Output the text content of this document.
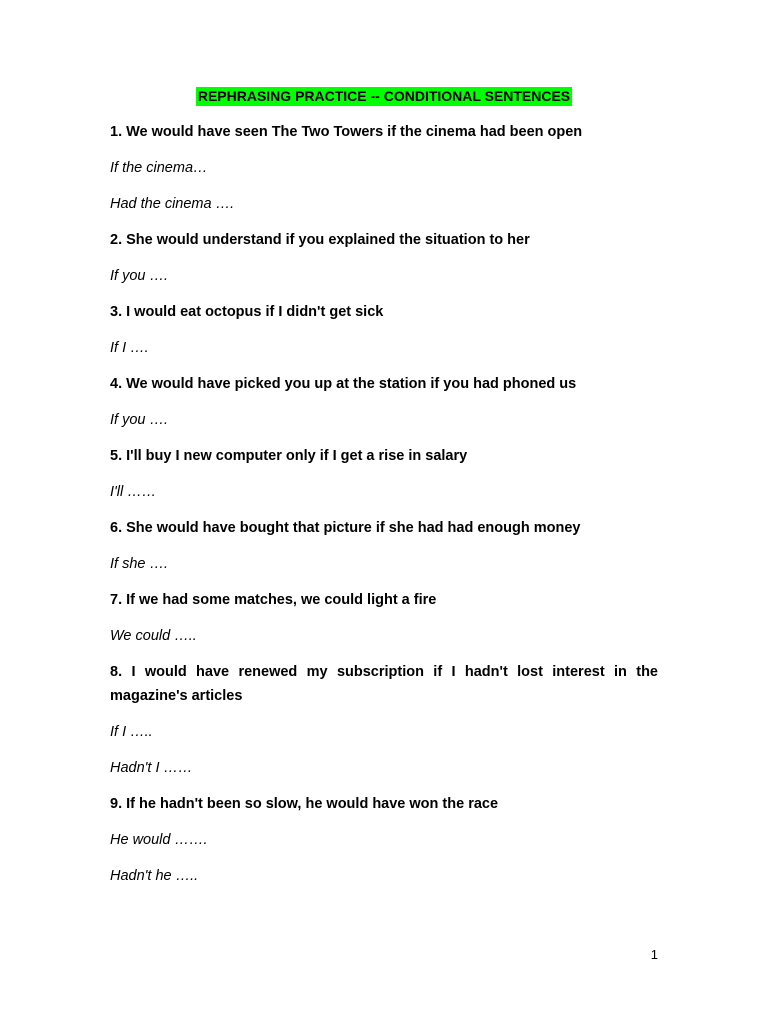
REPHRASING PRACTICE -- CONDITIONAL SENTENCES
1. We would have seen The Two Towers if the cinema had been open
If the cinema…
Had the cinema ….
2. She would understand if you explained the situation to her
If you ….
3. I would eat octopus if I didn't get sick
If I ….
4. We would have picked you up at the station if you had phoned us
If you ….
5. I'll buy I new computer only if I get a rise in salary
I'll ……
6. She would have bought that picture if she had had enough money
If she ….
7. If we had some matches, we could light a fire
We could …..
8. I would have renewed my subscription if I hadn't lost interest in the magazine's articles
If I …..
Hadn't I ……
9. If he hadn't been so slow, he would have won the race
He would …….
Hadn't he …..
1
